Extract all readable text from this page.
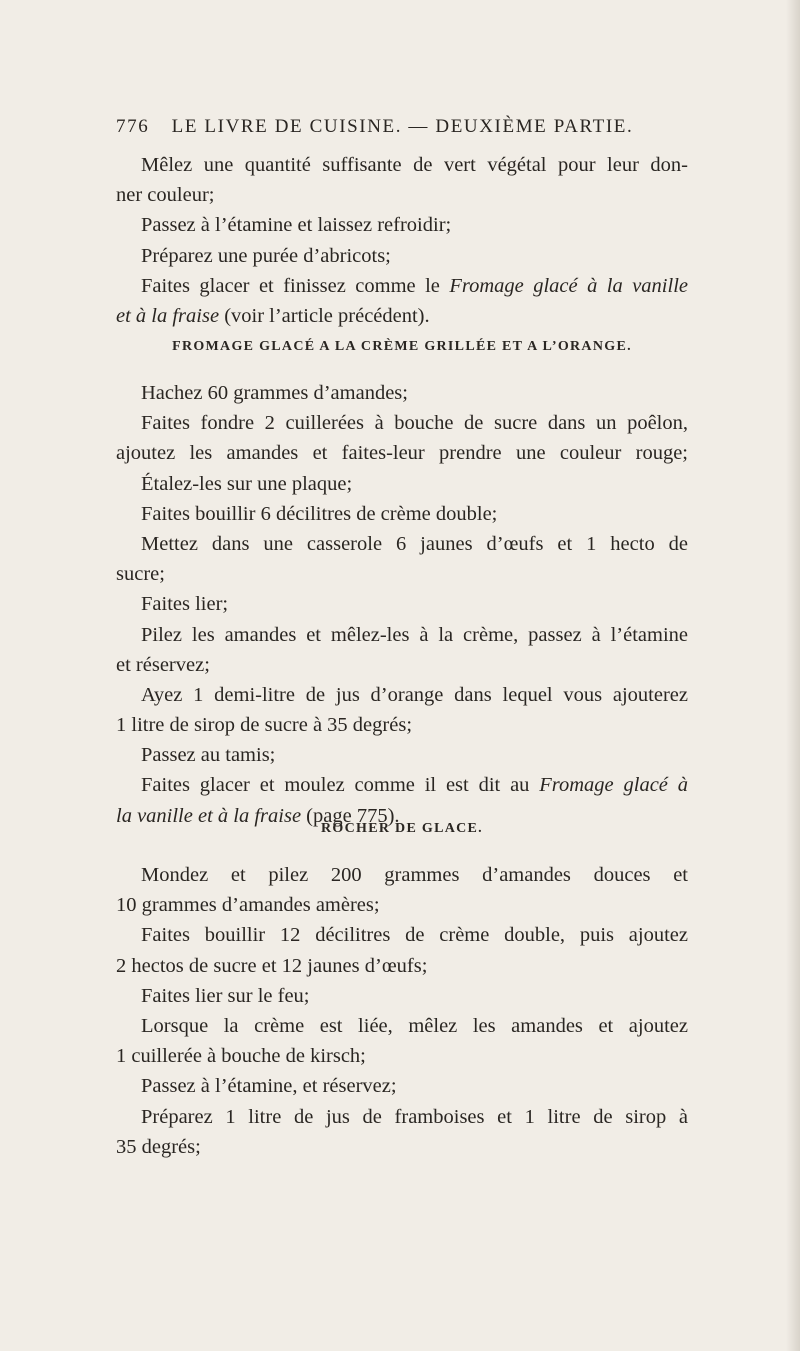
776 LE LIVRE DE CUISINE. — DEUXIÈME PARTIE.
Mêlez une quantité suffisante de vert végétal pour leur don-
ner couleur;
Passez à l’étamine et laissez refroidir;
Préparez une purée d’abricots;
Faites glacer et finissez comme le Fromage glacé à la vanille
et à la fraise (voir l’article précédent).
FROMAGE GLACÉ A LA CRÈME GRILLÉE ET A L’ORANGE.
Hachez 60 grammes d’amandes;
Faites fondre 2 cuillerées à bouche de sucre dans un poêlon,
ajoutez les amandes et faites-leur prendre une couleur rouge;
Étalez-les sur une plaque;
Faites bouillir 6 décilitres de crème double;
Mettez dans une casserole 6 jaunes d’œufs et 1 hecto de
sucre;
Faites lier;
Pilez les amandes et mêlez-les à la crème, passez à l’étamine
et réservez;
Ayez 1 demi-litre de jus d’orange dans lequel vous ajouterez
1 litre de sirop de sucre à 35 degrés;
Passez au tamis;
Faites glacer et moulez comme il est dit au Fromage glacé à
la vanille et à la fraise (page 775).
ROCHER DE GLACE.
Mondez et pilez 200 grammes d’amandes douces et
10 grammes d’amandes amères;
Faites bouillir 12 décilitres de crème double, puis ajoutez
2 hectos de sucre et 12 jaunes d’œufs;
Faites lier sur le feu;
Lorsque la crème est liée, mêlez les amandes et ajoutez
1 cuillerée à bouche de kirsch;
Passez à l’étamine, et réservez;
Préparez 1 litre de jus de framboises et 1 litre de sirop à
35 degrés;
